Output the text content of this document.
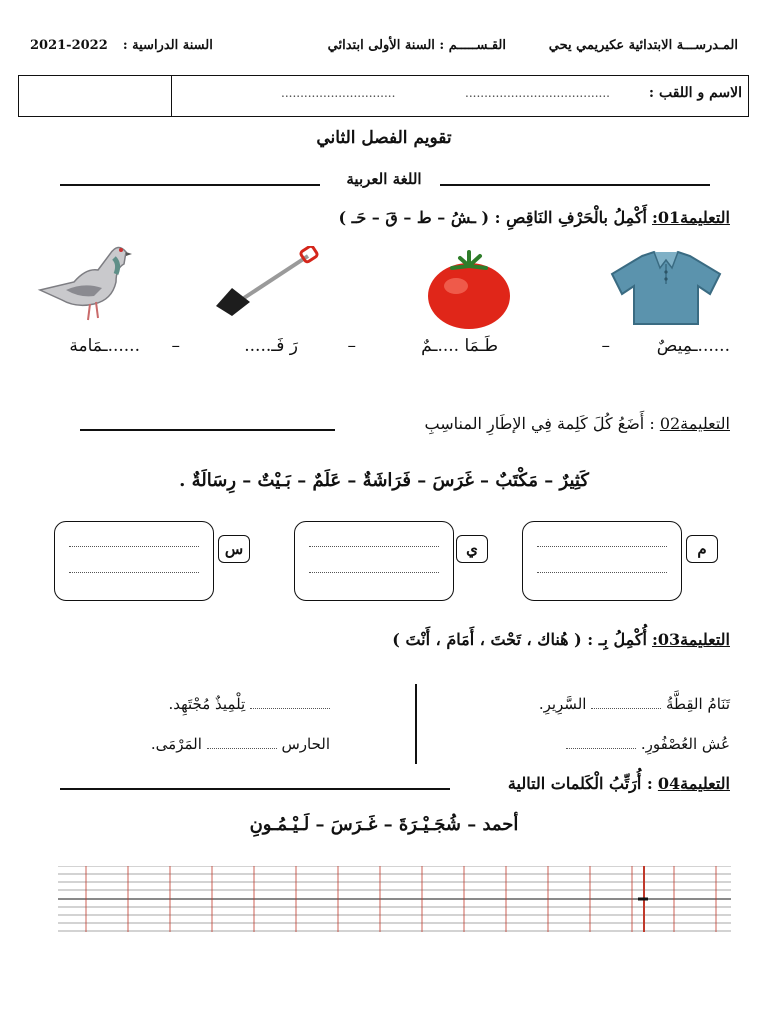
المـدرســـة الابتدائية عكيريمي يحي
القـســـــم : السنة الأولى ابتدائي
2021-2022 السنة الدراسية :
الاسم و اللقب :
......................................
..............................
تقويم الفصل الثاني
اللغة العربية
التعليمة01: أَكْمِلُ بالْحَرْفِ النَاقِصِ : ( ـشُ – ط – قَ – حَـ )
......ـمِيصٌ
–
طَـمَا ....ـمٌ
–
رَ فَـ.....
–
......ـمَامة
التعليمة02 : أَضَعُ كُلَ كَلِمة فِي الإطَارِ المناسِبِ
كَثِيرٌ – مَكْتَبٌ – غَرَسَ – فَرَاشَةٌ – عَلَمٌ – بَـيْتٌ – رِسَالَةٌ .
م
ي
س
التعليمة03: أُكْمِلُ بِـ : ( هُناك ، تَحْتَ ، أَمَامَ ، أَنْتَ )
تَنَامُ القِطَّةُ  السَّرِيرِ.
عُش العُصْفُورِ.
تِلْمِيذٌ مُجْتَهِد.
الحارس  المَرْمَى.
التعليمة04 : أُرَتِّبُ الْكَلمات التالية
أحمد – شُجَـيْـرَةَ – غَـرَسَ – لَـيْـمُـونِ
